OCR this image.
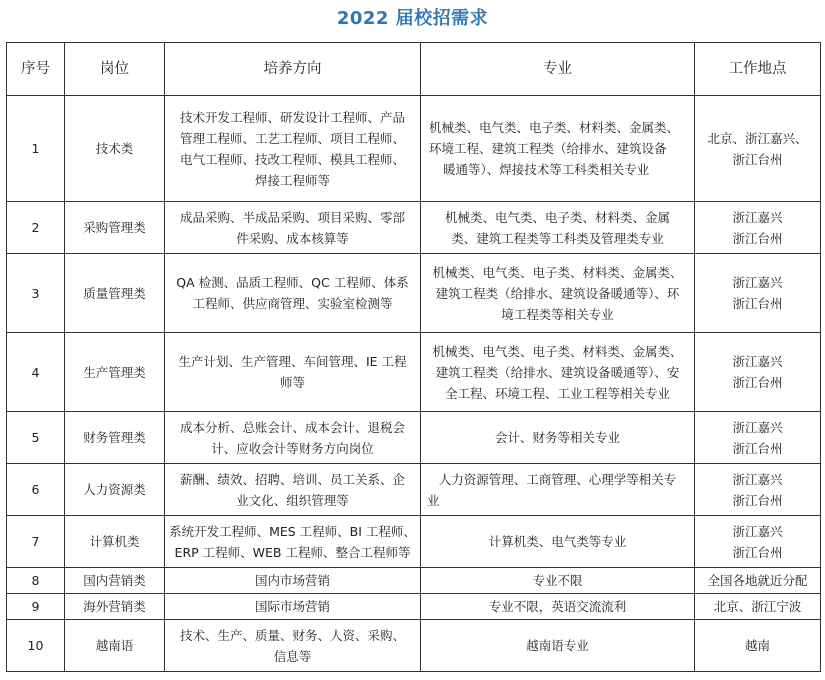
2022 届校招需求
序号	岗位	培养方向	专业	工作地点
1	技术类	技术开发工程师、研发设计工程师、产品
管理工程师、工艺工程师、项目工程师、
电气工程师、技改工程师、模具工程师、
焊接工程师等	机械类、电气类、电子类、材料类、金属类、
环境工程、建筑工程类（给排水、建筑设备
暖通等）、焊接技术等工科类相关专业	北京、浙江嘉兴、
浙江台州

2	采购管理类	成品采购、半成品采购、项目采购、零部
件采购、成本核算等	机械类、电气类、电子类、材料类、金属
类、建筑工程类等工科类及管理类专业	浙江嘉兴
浙江台州

3	质量管理类	QA 检测、品质工程师、QC 工程师、体系
工程师、供应商管理、实验室检测等	机械类、电气类、电子类、材料类、金属类、
建筑工程类（给排水、建筑设备暖通等）、环
境工程类等相关专业	浙江嘉兴
浙江台州

4	生产管理类	生产计划、生产管理、车间管理、IE 工程
师等	机械类、电气类、电子类、材料类、金属类、
建筑工程类（给排水、建筑设备暖通等）、安
全工程、环境工程、工业工程等相关专业	浙江嘉兴
浙江台州

5	财务管理类	成本分析、总账会计、成本会计、退税会
计、应收会计等财务方向岗位	会计、财务等相关专业	浙江嘉兴
浙江台州

6	人力资源类	薪酬、绩效、招聘、培训、员工关系、企
业文化、组织管理等	人力资源管理、工商管理、心理学等相关专
业	浙江嘉兴
浙江台州

7	计算机类	系统开发工程师、MES 工程师、BI 工程师、
ERP 工程师、WEB 工程师、整合工程师等	计算机类、电气类等专业	浙江嘉兴
浙江台州

8	国内营销类	国内市场营销	专业不限	全国各地就近分配

9	海外营销类	国际市场营销	专业不限，英语交流流利	北京、浙江宁波

10	越南语	技术、生产、质量、财务、人资、采购、
信息等	越南语专业	越南
